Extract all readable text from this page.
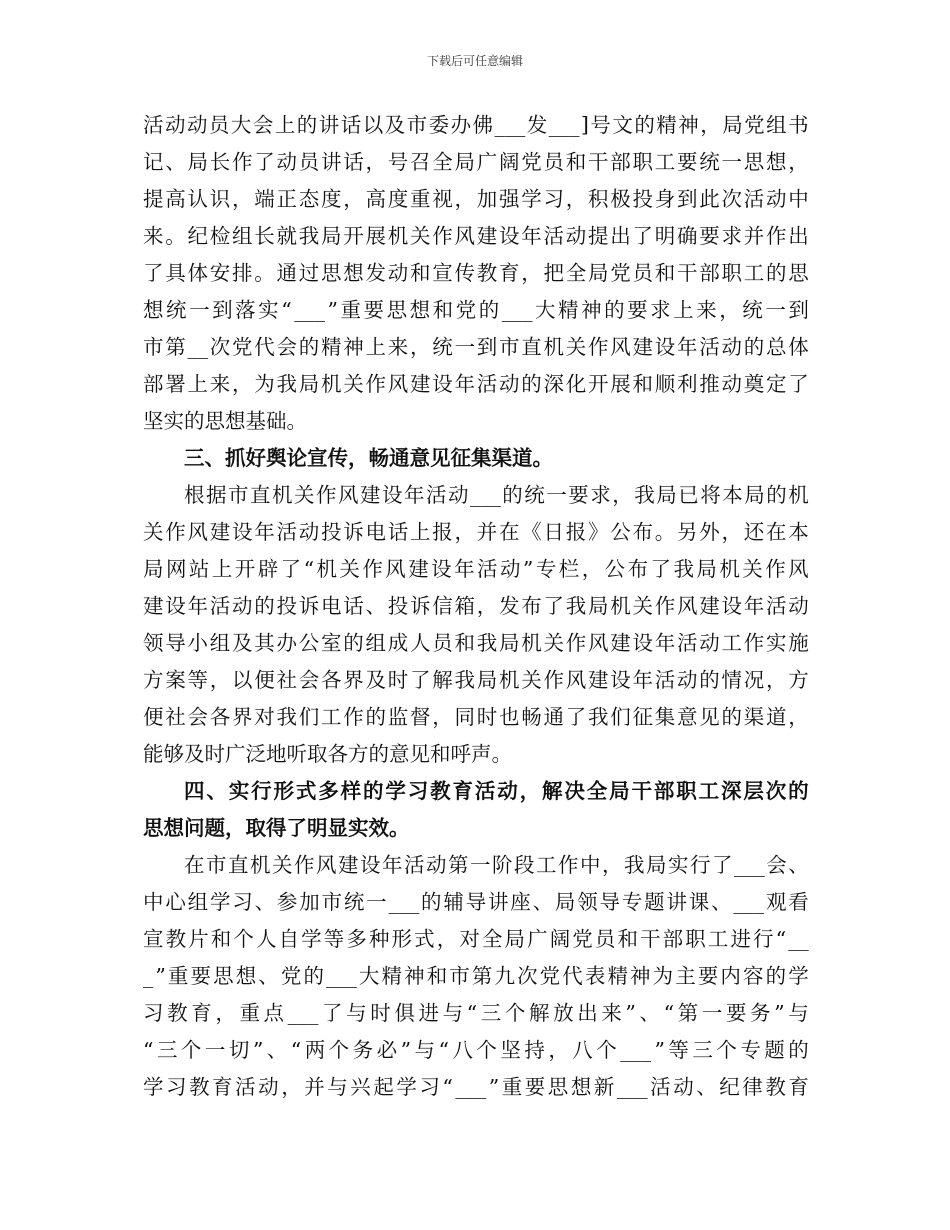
下载后可任意编辑
活 动 动 员 大 会 上 的 讲 话 以 及 市 委 办 佛 ___ 发 ___ ] 号 文 的 精 神 ， 局 党 组 书
记 、 局 长 作 了 动 员 讲 话 ， 号 召 全 局 广 阔 党 员 和 干 部 职 工 要 统 一 思 想 ，
提 高 认 识 ， 端 正 态 度 ， 高 度 重 视 ， 加 强 学 习 ， 积 极 投 身 到 此 次 活 动 中
来 。 纪 检 组 长 就 我 局 开 展 机 关 作 风 建 设 年 活 动 提 出 了 明 确 要 求 并 作 出
了 具 体 安 排 。 通 过 思 想 发 动 和 宣 传 教 育 ， 把 全 局 党 员 和 干 部 职 工 的 思
想 统 一 到 落 实 “ ___ ” 重 要 思 想 和 党 的 ___ 大 精 神 的 要 求 上 来 ， 统 一 到
市 第 __ 次 党 代 会 的 精 神 上 来 ， 统 一 到 市 直 机 关 作 风 建 设 年 活 动 的 总 体
部 署 上 来 ， 为 我 局 机 关 作 风 建 设 年 活 动 的 深 化 开 展 和 顺 利 推 动 奠 定 了
坚实的思想基础。
三、抓好舆论宣传，畅通意见征集渠道。
根 据 市 直 机 关 作 风 建 设 年 活 动 ___ 的 统 一 要 求 ， 我 局 已 将 本 局 的 机
关 作 风 建 设 年 活 动 投 诉 电 话 上 报 ， 并 在 《 日 报 》 公 布 。 另 外 ， 还 在 本
局 网 站 上 开 辟 了 “ 机 关 作 风 建 设 年 活 动 ” 专 栏 ， 公 布 了 我 局 机 关 作 风
建 设 年 活 动 的 投 诉 电 话 、 投 诉 信 箱 ， 发 布 了 我 局 机 关 作 风 建 设 年 活 动
领 导 小 组 及 其 办 公 室 的 组 成 人 员 和 我 局 机 关 作 风 建 设 年 活 动 工 作 实 施
方 案 等 ， 以 便 社 会 各 界 及 时 了 解 我 局 机 关 作 风 建 设 年 活 动 的 情 况 ， 方
便 社 会 各 界 对 我 们 工 作 的 监 督 ， 同 时 也 畅 通 了 我 们 征 集 意 见 的 渠 道 ，
能够及时广泛地听取各方的意见和呼声。
四 、 实 行 形 式 多 样 的 学 习 教 育 活 动 ， 解 决 全 局 干 部 职 工 深 层 次 的
思想问题，取得了明显实效。
在 市 直 机 关 作 风 建 设 年 活 动 第 一 阶 段 工 作 中 ， 我 局 实 行 了 ___ 会 、
中 心 组 学 习 、 参 加 市 统 一 ___ 的 辅 导 讲 座 、 局 领 导 专 题 讲 课 、 ___ 观 看
宣 教 片 和 个 人 自 学 等 多 种 形 式 ， 对 全 局 广 阔 党 员 和 干 部 职 工 进 行 “ __
_ ” 重 要 思 想 、 党 的 ___ 大 精 神 和 市 第 九 次 党 代 表 精 神 为 主 要 内 容 的 学
习 教 育 ， 重 点 ___ 了 与 时 俱 进 与 “ 三 个 解 放 出 来 ” 、 “ 第 一 要 务 ” 与
“ 三 个 一 切 ” 、 “ 两 个 务 必 ” 与 “ 八 个 坚 持 ， 八 个 ___ ” 等 三 个 专 题 的
学 习 教 育 活 动 ， 并 与 兴 起 学 习 “ ___ ” 重 要 思 想 新 ___ 活 动 、 纪 律 教 育
